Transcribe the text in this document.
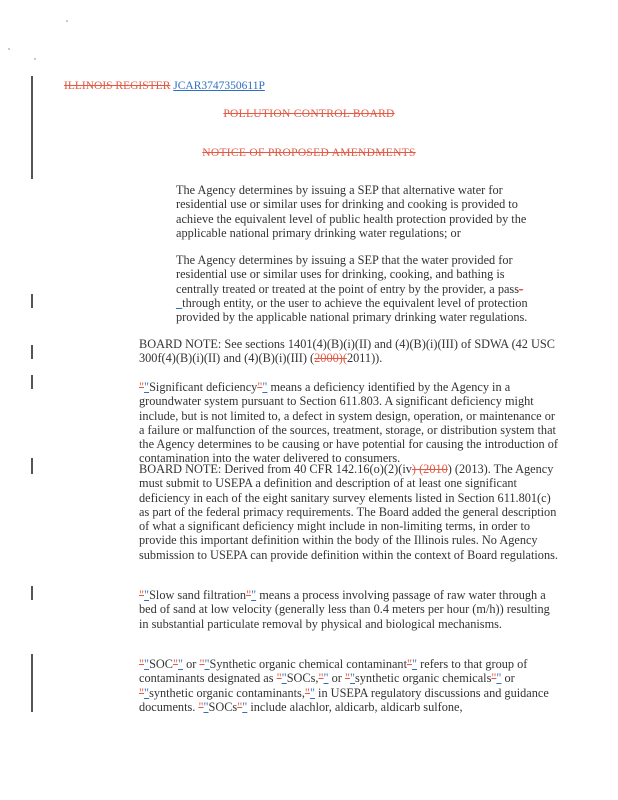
ILLINOIS REGISTER JCAR3747350611P
POLLUTION CONTROL BOARD
NOTICE OF PROPOSED AMENDMENTS
The Agency determines by issuing a SEP that alternative water for residential use or similar uses for drinking and cooking is provided to achieve the equivalent level of public health protection provided by the applicable national primary drinking water regulations; or
The Agency determines by issuing a SEP that the water provided for residential use or similar uses for drinking, cooking, and bathing is centrally treated or treated at the point of entry by the provider, a pass-_through entity, or the user to achieve the equivalent level of protection provided by the applicable national primary drinking water regulations.
BOARD NOTE: See sections 1401(4)(B)(i)(II) and (4)(B)(i)(III) of SDWA (42 USC 300f(4)(B)(i)(II) and (4)(B)(i)(III) (2000)(2011)).
""Significant deficiency"" means a deficiency identified by the Agency in a groundwater system pursuant to Section 611.803. A significant deficiency might include, but is not limited to, a defect in system design, operation, or maintenance or a failure or malfunction of the sources, treatment, storage, or distribution system that the Agency determines to be causing or have potential for causing the introduction of contamination into the water delivered to consumers.
BOARD NOTE: Derived from 40 CFR 142.16(o)(2)(iv) (2010) (2013). The Agency must submit to USEPA a definition and description of at least one significant deficiency in each of the eight sanitary survey elements listed in Section 611.801(c) as part of the federal primacy requirements. The Board added the general description of what a significant deficiency might include in non-limiting terms, in order to provide this important definition within the body of the Illinois rules. No Agency submission to USEPA can provide definition within the context of Board regulations.
""Slow sand filtration"" means a process involving passage of raw water through a bed of sand at low velocity (generally less than 0.4 meters per hour (m/h)) resulting in substantial particulate removal by physical and biological mechanisms.
""SOC"" or ""Synthetic organic chemical contaminant"" refers to that group of contaminants designated as ""SOCs,"" or ""synthetic organic chemicals"" or ""synthetic organic contaminants,"" in USEPA regulatory discussions and guidance documents. ""SOCs"" include alachlor, aldicarb, aldicarb sulfone,
